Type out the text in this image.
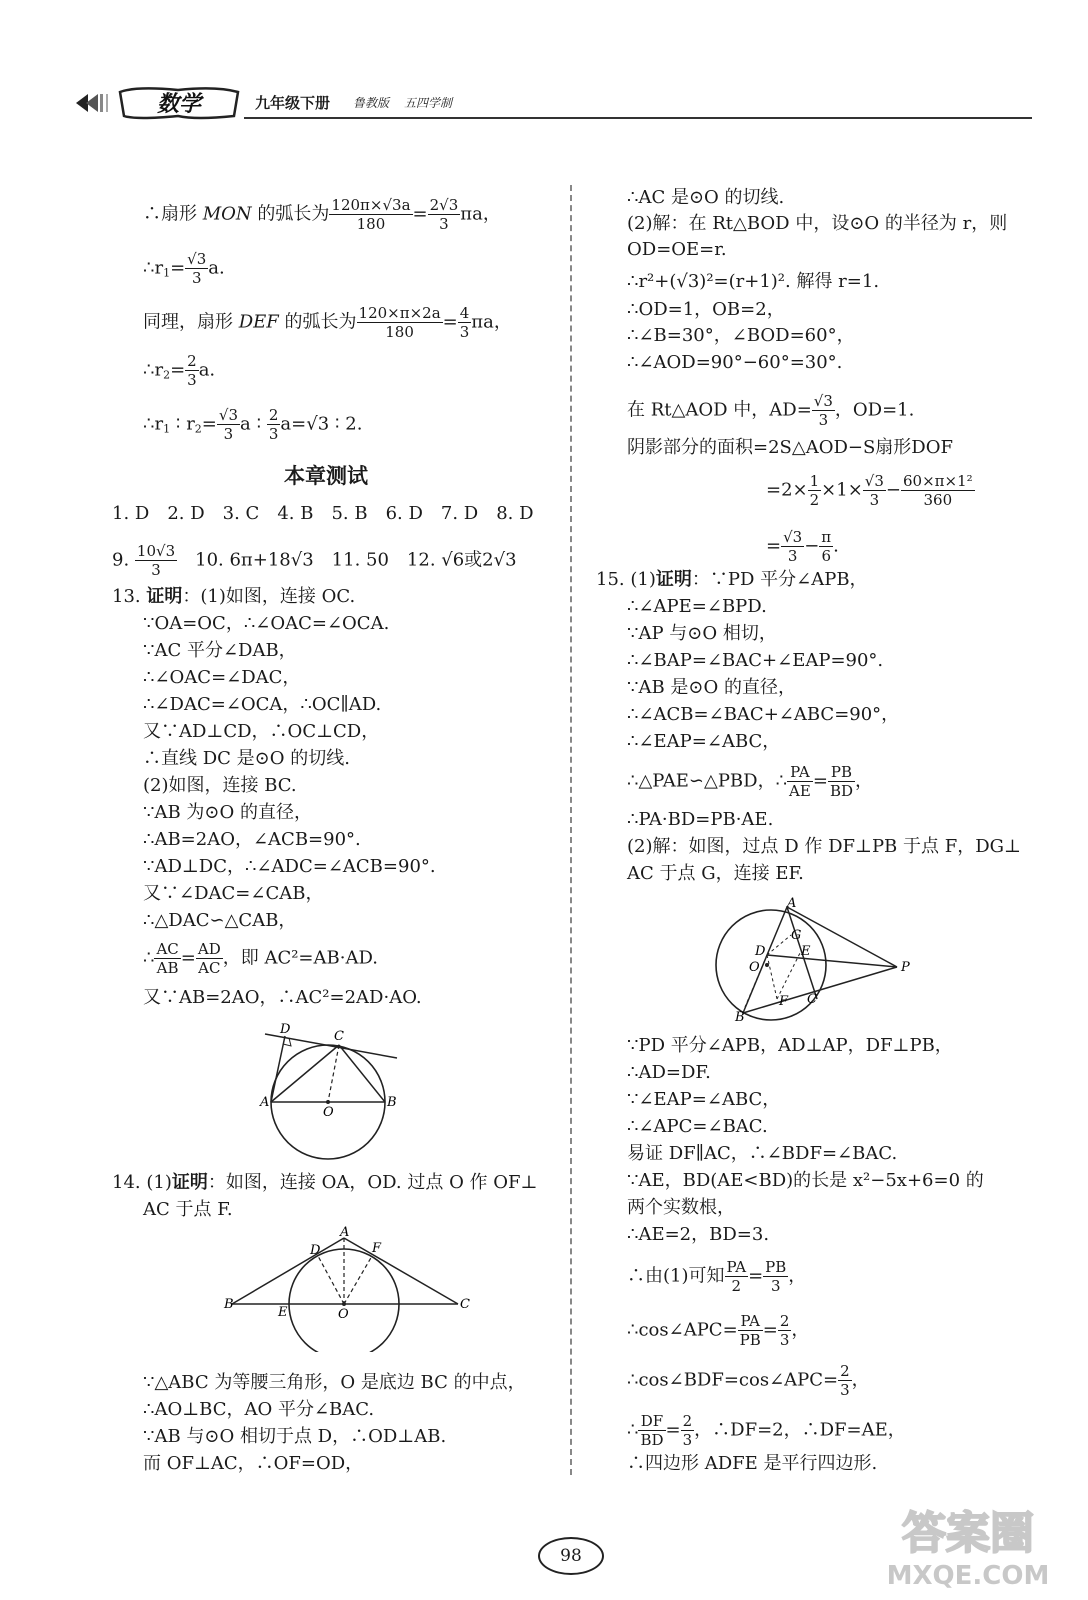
数学	九年级下册 鲁教版 五四学制
∴扇形 MON 的弧长为 $\frac{120\pi\times√3a}{180} = \frac{2√3}{3}$ πa，
$\therefore r_1= \frac{√3}{3} a$.
同理，扇形 DEF 的弧长为 $\frac{120\times\pi\times 2a}{180} = \frac{4}{3}$ πa，
$\therefore r_2= \frac{2}{3} a$.
$\therefore r_1$ ∶ $r_2= \frac{√3}{3}$ a ∶ $\frac{2}{3} a=√3$ ∶ 2.
本章测试
1. D　2. D　3. C　4. B　5. B　6. D　7. D　8. D
9. $\frac{10√3}{3}$
　 10. 6π+18√3　11. 50　12. √6或2√3
13. 证明：(1)如图，连接 OC.
∵OA=OC，∴∠OAC=∠OCA.
∵AC 平分∠DAB，
∴∠OAC=∠DAC，
∴∠DAC=∠OCA，∴OC∥AD.
又∵AD⊥CD，∴OC⊥CD，
∴直线 DC 是⊙O 的切线.
(2)如图，连接 BC.
∵AB 为⊙O 的直径，
∴AB=2AO，∠ACB=90°.
∵AD⊥DC，∴∠ADC=∠ACB=90°.
又∵∠DAC=∠CAB，
∴△DAC∽△CAB，
∴ $\frac{AC}{AB} = \frac{AD}{AC}$ ，即 AC²=AB·AD.
又∵AB=2AO，∴AC²=2AD·AO.
D	C
A
O
B
14. (1)证明：如图，连接 OA，OD. 过点 O 作 OF⊥
AC 于点 F.
A
D	F
B
E	O
C
∵△ABC 为等腰三角形，O 是底边 BC 的中点，
∴AO⊥BC，AO 平分∠BAC.
∵AB 与⊙O 相切于点 D，∴OD⊥AB.
而 OF⊥AC，∴OF=OD，
∴AC 是⊙O 的切线.
(2)解：在 Rt△BOD 中，设⊙O 的半径为 r，则
OD=OE=r.
∴r²+(√3)²=(r+1)². 解得 r=1.
∴OD=1，OB=2，
∴∠B=30°，∠BOD=60°，
∴∠AOD=90°−60°=30°.
在 Rt△AOD 中，$AD= \frac{√3}{3}$ ，OD=1.
阴影部分的面积=2S△AOD−S扇形DOF
$=2\times \frac{1}{2} \times 1\times \frac{√3}{3} - \frac{\text{60×π×1²}}{360}$
= $\frac{√3}{3} - \frac{\pi}{6}$ .
15. (1)证明：∵PD 平分∠APB，
∴∠APE=∠BPD.
∵AP 与⊙O 相切，
∴∠BAP=∠BAC+∠EAP=90°.
∵AB 是⊙O 的直径，
∴∠ACB=∠BAC+∠ABC=90°，
∴∠EAP=∠ABC，
∴△PAE∽△PBD，∴ $\frac{PA}{AE} = \frac{PB}{BD}$ ，
∴PA·BD=PB·AE.
(2)解：如图，过点 D 作 DF⊥PB 于点 F，DG⊥
AC 于点 G，连接 EF.
A
G
D	E
O	P
F C
B
∵PD 平分∠APB，AD⊥AP，DF⊥PB，
∴AD=DF.
∵∠EAP=∠ABC，
∴∠APC=∠BAC.
易证 DF∥AC，∴∠BDF=∠BAC.
∵AE，BD(AE<BD)的长是 x²−5x+6=0 的
两个实数根，
∴AE=2，BD=3.
∴由(1)可知 $\frac{PA}{2} = \frac{PB}{3}$ ，
∴cos∠APC= $\frac{PA}{PB} = \frac{2}{3}$ ，
∴cos∠BDF=cos∠APC= $\frac{2}{3}$ ，
∴ $\frac{DF}{BD} = \frac{2}{3}$ ，∴DF=2，∴DF=AE，
∴四边形 ADFE 是平行四边形.
98	答案圈
MXQE.COM
